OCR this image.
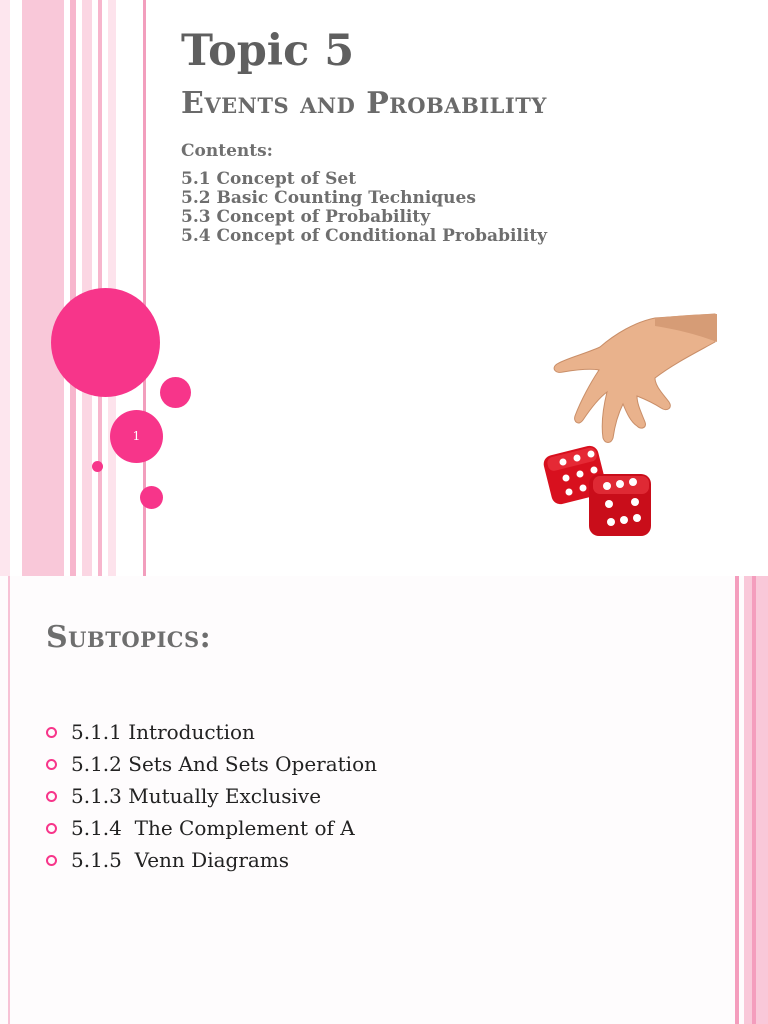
1
Topic 5
Events and Probability
Contents:
5.1 Concept of Set
5.2 Basic Counting Techniques
5.3 Concept of Probability
5.4 Concept of Conditional Probability
Subtopics:
5.1.1 Introduction
5.1.2 Sets And Sets Operation
5.1.3 Mutually Exclusive
5.1.4  The Complement of A
5.1.5  Venn Diagrams
